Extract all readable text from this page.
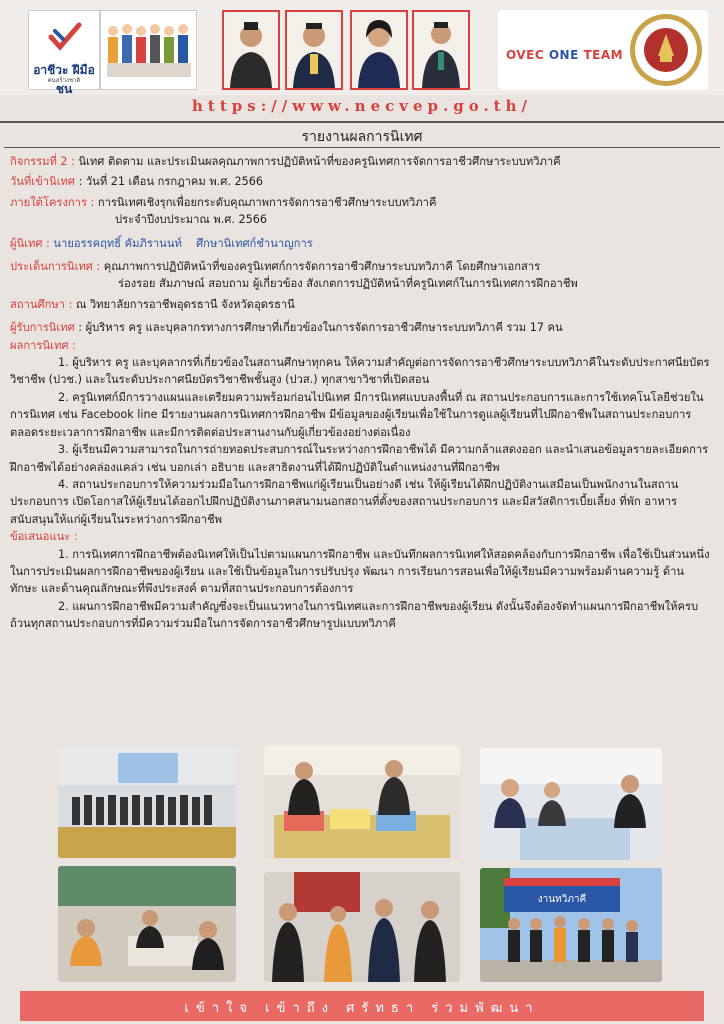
อาชีวะ ฝีมือชน
คนสร้างชาติ
OVEC ONE TEAM
https://www.necvep.go.th/
รายงานผลการนิเทศ
กิจกรรมที่ 2 : นิเทศ ติดตาม และประเมินผลคุณภาพการปฏิบัติหน้าที่ของครูนิเทศการจัดการอาชีวศึกษาระบบทวิภาคี
วันที่เข้านิเทศ : วันที่ 21 เดือน กรกฎาคม พ.ศ. 2566
ภายใต้โครงการ : การนิเทศเชิงรุกเพื่อยกระดับคุณภาพการจัดการอาชีวศึกษาระบบทวิภาคี
ประจำปีงบประมาณ พ.ศ. 2566
ผู้นิเทศ : นายอรรคฤทธิ์ คัมภิรานนท์ ศึกษานิเทศก์ชำนาญการ
ประเด็นการนิเทศ : คุณภาพการปฏิบัติหน้าที่ของครูนิเทศก์การจัดการอาชีวศึกษาระบบทวิภาคี โดยศึกษาเอกสาร
ร่องรอย สัมภาษณ์ สอบถาม ผู้เกี่ยวข้อง สังเกตการปฏิบัติหน้าที่ครูนิเทศก์ในการนิเทศการฝึกอาชีพ
สถานศึกษา : ณ วิทยาลัยการอาชีพอุดรธานี จังหวัดอุดรธานี
ผู้รับการนิเทศ : ผู้บริหาร ครู และบุคลากรทางการศึกษาที่เกี่ยวข้องในการจัดการอาชีวศึกษาระบบทวิภาคี รวม 17 คน
ผลการนิเทศ :

1. ผู้บริหาร ครู และบุคลากรที่เกี่ยวข้องในสถานศึกษาทุกคน ให้ความสำคัญต่อการจัดการอาชีวศึกษาระบบทวิภาคีในระดับประกาศนียบัตรวิชาชีพ (ปวช.) และในระดับประกาศนียบัตรวิชาชีพชั้นสูง (ปวส.) ทุกสาขาวิชาที่เปิดสอน

2. ครูนิเทศก์มีการวางแผนและเตรียมความพร้อมก่อนไปนิเทศ มีการนิเทศแบบลงพื้นที่ ณ สถานประกอบการและการใช้เทคโนโลยีช่วยในการนิเทศ เช่น Facebook line มีรายงานผลการนิเทศการฝึกอาชีพ มีข้อมูลของผู้เรียนเพื่อใช้ในการดูแลผู้เรียนที่ไปฝึกอาชีพในสถานประกอบการตลอดระยะเวลาการฝึกอาชีพ และมีการติดต่อประสานงานกับผู้เกี่ยวข้องอย่างต่อเนื่อง

3. ผู้เรียนมีความสามารถในการถ่ายทอดประสบการณ์ในระหว่างการฝึกอาชีพได้ มีความกล้าแสดงออก และนำเสนอข้อมูลรายละเอียดการฝึกอาชีพได้อย่างคล่องแคล่ว เช่น บอกเล่า อธิบาย และสาธิตงานที่ได้ฝึกปฏิบัติในตำแหน่งงานที่ฝึกอาชีพ

4. สถานประกอบการให้ความร่วมมือในการฝึกอาชีพแก่ผู้เรียนเป็นอย่างดี เช่น ให้ผู้เรียนได้ฝึกปฏิบัติงานเสมือนเป็นพนักงานในสถานประกอบการ เปิดโอกาสให้ผู้เรียนได้ออกไปฝึกปฏิบัติงานภาคสนามนอกสถานที่ตั้งของสถานประกอบการ และมีสวัสดิการเบี้ยเลี้ยง ที่พัก อาหาร สนับสนุนให้แก่ผู้เรียนในระหว่างการฝึกอาชีพ

ข้อเสนอแนะ :

1. การนิเทศการฝึกอาชีพต้องนิเทศให้เป็นไปตามแผนการฝึกอาชีพ และบันทึกผลการนิเทศให้สอดคล้องกับการฝึกอาชีพ เพื่อใช้เป็นส่วนหนึ่งในการประเมินผลการฝึกอาชีพของผู้เรียน และใช้เป็นข้อมูลในการปรับปรุง พัฒนา การเรียนการสอนเพื่อให้ผู้เรียนมีความพร้อมด้านความรู้ ด้านทักษะ และด้านคุณลักษณะที่พึงประสงค์ ตามที่สถานประกอบการต้องการ

2. แผนการฝึกอาชีพมีความสำคัญซึ่งจะเป็นแนวทางในการนิเทศและการฝึกอาชีพของผู้เรียน ดังนั้นจึงต้องจัดทำแผนการฝึกอาชีพให้ครบถ้วนทุกสถานประกอบการที่มีความร่วมมือในการจัดการอาชีวศึกษารูปแบบทวิภาคี

งานทวิภาคี
เข้าใจ เข้าถึง ศรัทธา ร่วมพัฒนา
